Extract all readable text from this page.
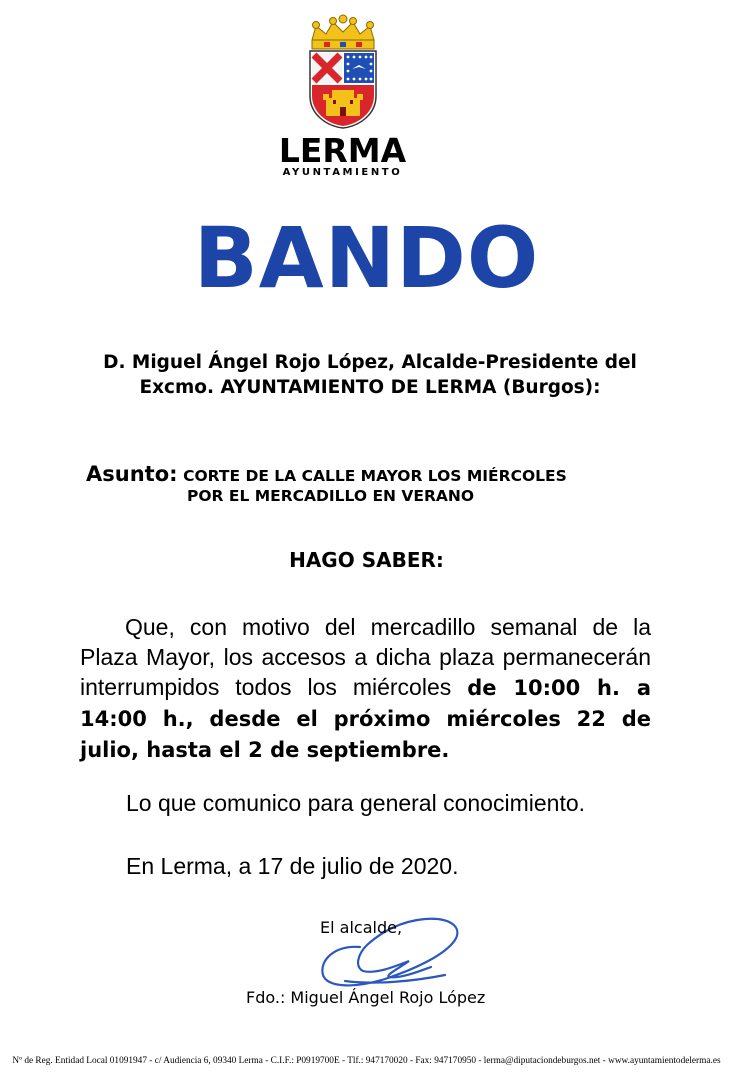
LERMA
AYUNTAMIENTO
BANDO
D. Miguel Ángel Rojo López, Alcalde-Presidente del
Excmo. AYUNTAMIENTO DE LERMA (Burgos):
Asunto: CORTE DE LA CALLE MAYOR LOS MIÉRCOLES
POR EL MERCADILLO EN VERANO
HAGO SABER:
Que, con motivo del mercadillo semanal de la Plaza Mayor, los accesos a dicha plaza permanecerán interrumpidos todos los miércoles de 10:00 h. a 14:00 h., desde el próximo miércoles 22 de julio, hasta el 2 de septiembre.
Lo que comunico para general conocimiento.
En Lerma, a 17 de julio de 2020.
El alcalde,
Fdo.: Miguel Ángel Rojo López
Nº de Reg. Entidad Local 01091947 - c/ Audiencia 6, 09340 Lerma - C.I.F.: P0919700E - Tlf.: 947170020 - Fax: 947170950 - lerma@diputaciondeburgos.net - www.ayuntamientodelerma.es
